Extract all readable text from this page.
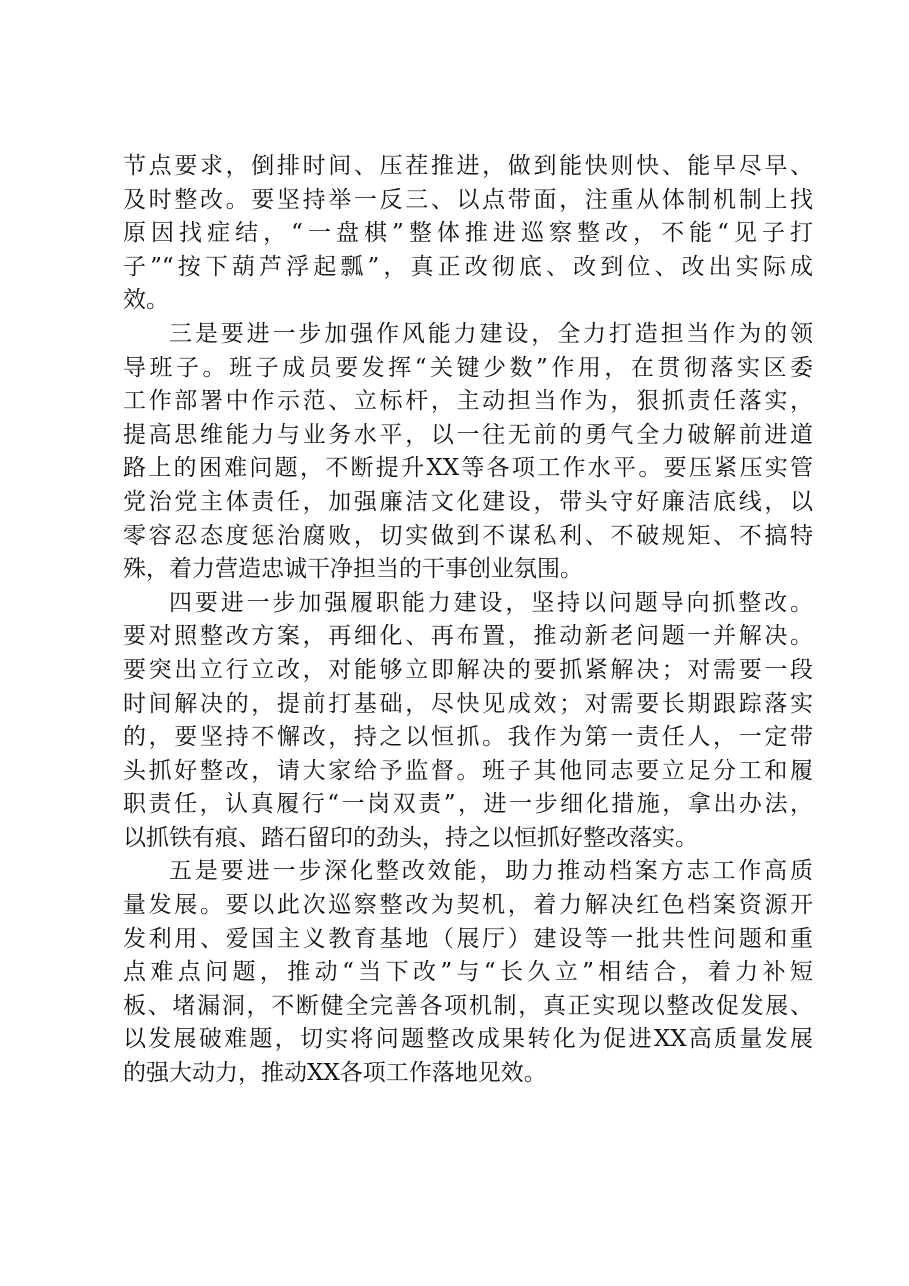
节点要求，倒排时间、压茬推进，做到能快则快、能早尽早、
及时整改。要坚持举一反三、以点带面，注重从体制机制上找
原因找症结，“一盘棋”整体推进巡察整改，不能“见子打
子”“按下葫芦浮起瓢”，真正改彻底、改到位、改出实际成
效。
三是要进一步加强作风能力建设，全力打造担当作为的领
导班子。班子成员要发挥“关键少数”作用，在贯彻落实区委
工作部署中作示范、立标杆，主动担当作为，狠抓责任落实，
提高思维能力与业务水平，以一往无前的勇气全力破解前进道
路上的困难问题，不断提升XX等各项工作水平。要压紧压实管
党治党主体责任，加强廉洁文化建设，带头守好廉洁底线，以
零容忍态度惩治腐败，切实做到不谋私利、不破规矩、不搞特
殊，着力营造忠诚干净担当的干事创业氛围。
四要进一步加强履职能力建设，坚持以问题导向抓整改。
要对照整改方案，再细化、再布置，推动新老问题一并解决。
要突出立行立改，对能够立即解决的要抓紧解决；对需要一段
时间解决的，提前打基础，尽快见成效；对需要长期跟踪落实
的，要坚持不懈改，持之以恒抓。我作为第一责任人，一定带
头抓好整改，请大家给予监督。班子其他同志要立足分工和履
职责任，认真履行“一岗双责”，进一步细化措施，拿出办法，
以抓铁有痕、踏石留印的劲头，持之以恒抓好整改落实。
五是要进一步深化整改效能，助力推动档案方志工作高质
量发展。要以此次巡察整改为契机，着力解决红色档案资源开
发利用、爱国主义教育基地（展厅）建设等一批共性问题和重
点难点问题，推动“当下改”与“长久立”相结合，着力补短
板、堵漏洞，不断健全完善各项机制，真正实现以整改促发展、
以发展破难题，切实将问题整改成果转化为促进XX高质量发展
的强大动力，推动XX各项工作落地见效。
